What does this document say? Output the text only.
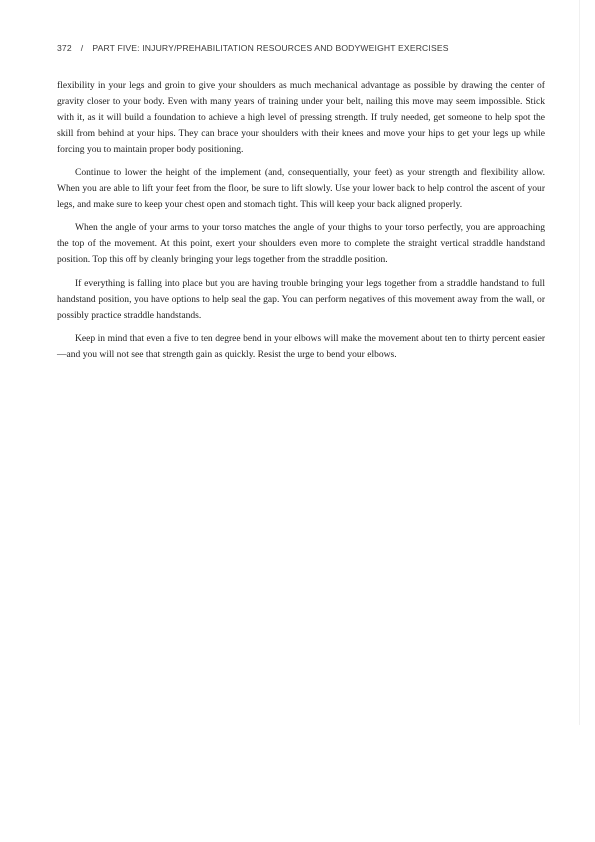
372 / PART FIVE: INJURY/PREHABILITATION RESOURCES AND BODYWEIGHT EXERCISES

flexibility in your legs and groin to give your shoulders as much mechanical advantage as possible by drawing the center of gravity closer to your body. Even with many years of training under your belt, nailing this move may seem impossible. Stick with it, as it will build a foundation to achieve a high level of pressing strength. If truly needed, get someone to help spot the skill from behind at your hips. They can brace your shoulders with their knees and move your hips to get your legs up while forcing you to maintain proper body positioning.

Continue to lower the height of the implement (and, consequentially, your feet) as your strength and flexibility allow. When you are able to lift your feet from the floor, be sure to lift slowly. Use your lower back to help control the ascent of your legs, and make sure to keep your chest open and stomach tight. This will keep your back aligned properly.

When the angle of your arms to your torso matches the angle of your thighs to your torso perfectly, you are approaching the top of the movement. At this point, exert your shoulders even more to complete the straight vertical straddle handstand position. Top this off by cleanly bringing your legs together from the straddle position.

If everything is falling into place but you are having trouble bringing your legs together from a straddle handstand to full handstand position, you have options to help seal the gap. You can perform negatives of this movement away from the wall, or possibly practice straddle handstands.

Keep in mind that even a five to ten degree bend in your elbows will make the movement about ten to thirty percent easier—and you will not see that strength gain as quickly. Resist the urge to bend your elbows.
